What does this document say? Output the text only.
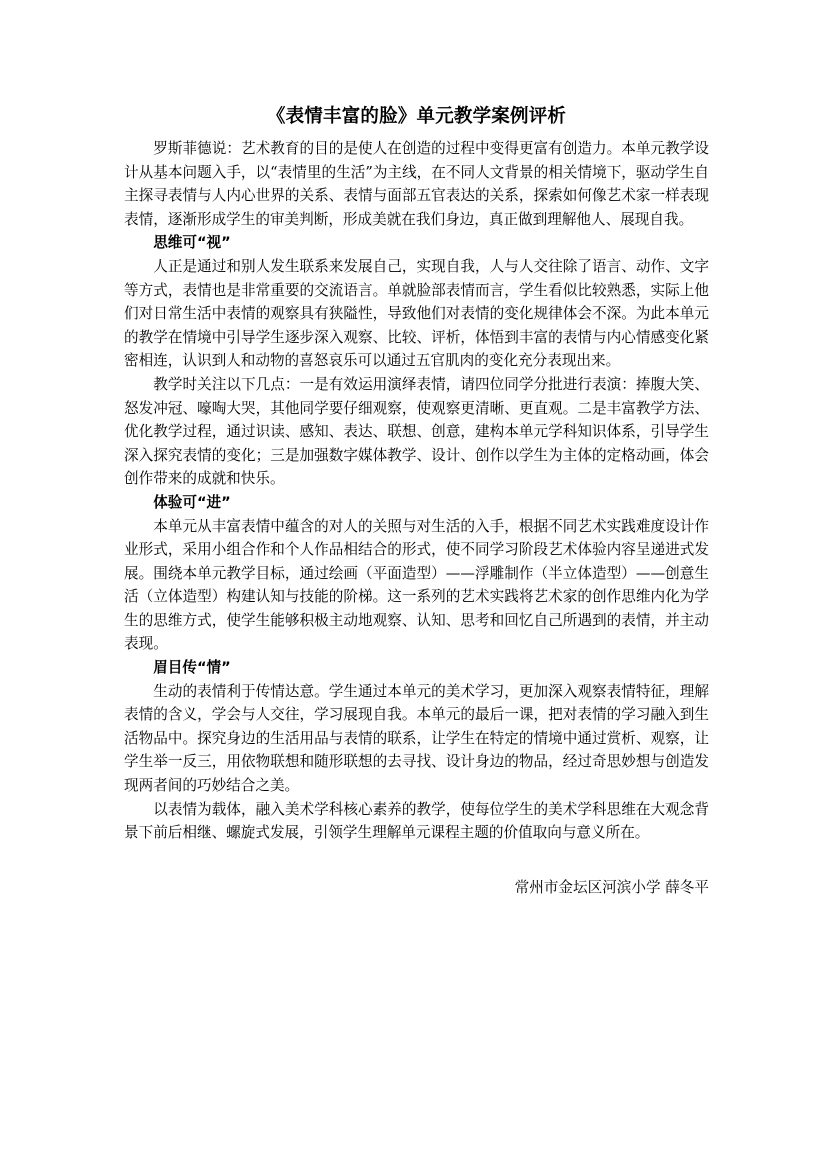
《表情丰富的脸》单元教学案例评析

罗斯菲德说：艺术教育的目的是使人在创造的过程中变得更富有创造力。本单元教学设计从基本问题入手，以“表情里的生活”为主线，在不同人文背景的相关情境下，驱动学生自主探寻表情与人内心世界的关系、表情与面部五官表达的关系，探索如何像艺术家一样表现表情，逐渐形成学生的审美判断，形成美就在我们身边，真正做到理解他人、展现自我。

思维可“视”

人正是通过和别人发生联系来发展自己，实现自我，人与人交往除了语言、动作、文字等方式，表情也是非常重要的交流语言。单就脸部表情而言，学生看似比较熟悉，实际上他们对日常生活中表情的观察具有狭隘性，导致他们对表情的变化规律体会不深。为此本单元的教学在情境中引导学生逐步深入观察、比较、评析，体悟到丰富的表情与内心情感变化紧密相连，认识到人和动物的喜怒哀乐可以通过五官肌肉的变化充分表现出来。

教学时关注以下几点：一是有效运用演绎表情，请四位同学分批进行表演：捧腹大笑、怒发冲冠、嚎啕大哭，其他同学要仔细观察，使观察更清晰、更直观。二是丰富教学方法、优化教学过程，通过识读、感知、表达、联想、创意，建构本单元学科知识体系，引导学生深入探究表情的变化；三是加强数字媒体教学、设计、创作以学生为主体的定格动画，体会创作带来的成就和快乐。

体验可“进”

本单元从丰富表情中蕴含的对人的关照与对生活的入手，根据不同艺术实践难度设计作业形式，采用小组合作和个人作品相结合的形式，使不同学习阶段艺术体验内容呈递进式发展。围绕本单元教学目标，通过绘画（平面造型）——浮雕制作（半立体造型）——创意生活（立体造型）构建认知与技能的阶梯。这一系列的艺术实践将艺术家的创作思维内化为学生的思维方式，使学生能够积极主动地观察、认知、思考和回忆自己所遇到的表情，并主动表现。

眉目传“情”

生动的表情利于传情达意。学生通过本单元的美术学习，更加深入观察表情特征，理解表情的含义，学会与人交往，学习展现自我。本单元的最后一课，把对表情的学习融入到生活物品中。探究身边的生活用品与表情的联系，让学生在特定的情境中通过赏析、观察，让学生举一反三，用依物联想和随形联想的去寻找、设计身边的物品，经过奇思妙想与创造发现两者间的巧妙结合之美。

以表情为载体，融入美术学科核心素养的教学，使每位学生的美术学科思维在大观念背景下前后相继、螺旋式发展，引领学生理解单元课程主题的价值取向与意义所在。

常州市金坛区河滨小学 薛冬平
